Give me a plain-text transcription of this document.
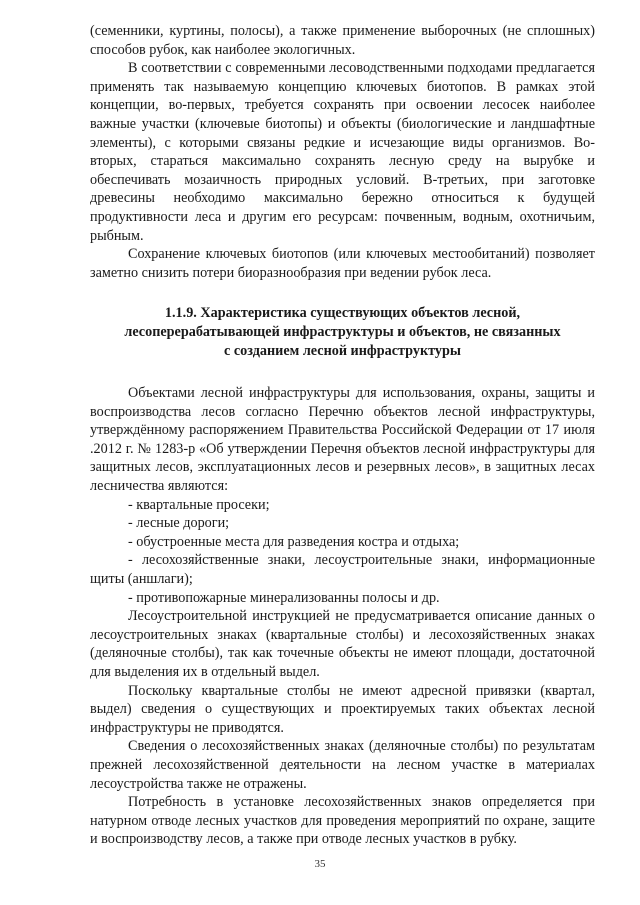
(семенники, куртины, полосы), а также применение выборочных (не сплошных) способов рубок, как наиболее экологичных.

В соответствии с современными лесоводственными подходами предлагается применять так называемую концепцию ключевых биотопов. В рамках этой концепции, во-первых, требуется сохранять при освоении лесосек наиболее важные участки (ключевые биотопы) и объекты (биологические и ландшафтные элементы), с которыми связаны редкие и исчезающие виды организмов. Во-вторых, стараться максимально сохранять лесную среду на вырубке и обеспечивать мозаичность природных условий. В-третьих, при заготовке древесины необходимо максимально бережно относиться к будущей продуктивности леса и другим его ресурсам: почвенным, водным, охотничьим, рыбным.

Сохранение ключевых биотопов (или ключевых местообитаний) позволяет заметно снизить потери биоразнообразия при ведении рубок леса.

1.1.9. Характеристика существующих объектов лесной,
лесоперерабатывающей инфраструктуры и объектов, не связанных
с созданием лесной инфраструктуры

Объектами лесной инфраструктуры для использования, охраны, защиты и воспроизводства лесов согласно Перечню объектов лесной инфраструктуры, утверждённому распоряжением Правительства Российской Федерации от 17 июля .2012 г. № 1283-р «Об утверждении Перечня объектов лесной инфраструктуры для защитных лесов, эксплуатационных лесов и резервных лесов», в защитных лесах лесничества являются:

- квартальные просеки;
- лесные дороги;
- обустроенные места для разведения костра и отдыха;
- лесохозяйственные знаки, лесоустроительные знаки, информационные щиты (аншлаги);
- противопожарные минерализованны полосы и др.

Лесоустроительной инструкцией не предусматривается описание данных о лесоустроительных знаках (квартальные столбы) и лесохозяйственных знаках (деляночные столбы), так как точечные объекты не имеют площади, достаточной для выделения их в отдельный выдел.

Поскольку квартальные столбы не имеют адресной привязки (квартал, выдел) сведения о существующих и проектируемых таких объектах лесной инфраструктуры не приводятся.

Сведения о лесохозяйственных знаках (деляночные столбы) по результатам прежней лесохозяйственной деятельности на лесном участке в материалах лесоустройства также не отражены.

Потребность в установке лесохозяйственных знаков определяется при натурном отводе лесных участков для проведения мероприятий по охране, защите и воспроизводству лесов, а также при отводе лесных участков в рубку.

35
